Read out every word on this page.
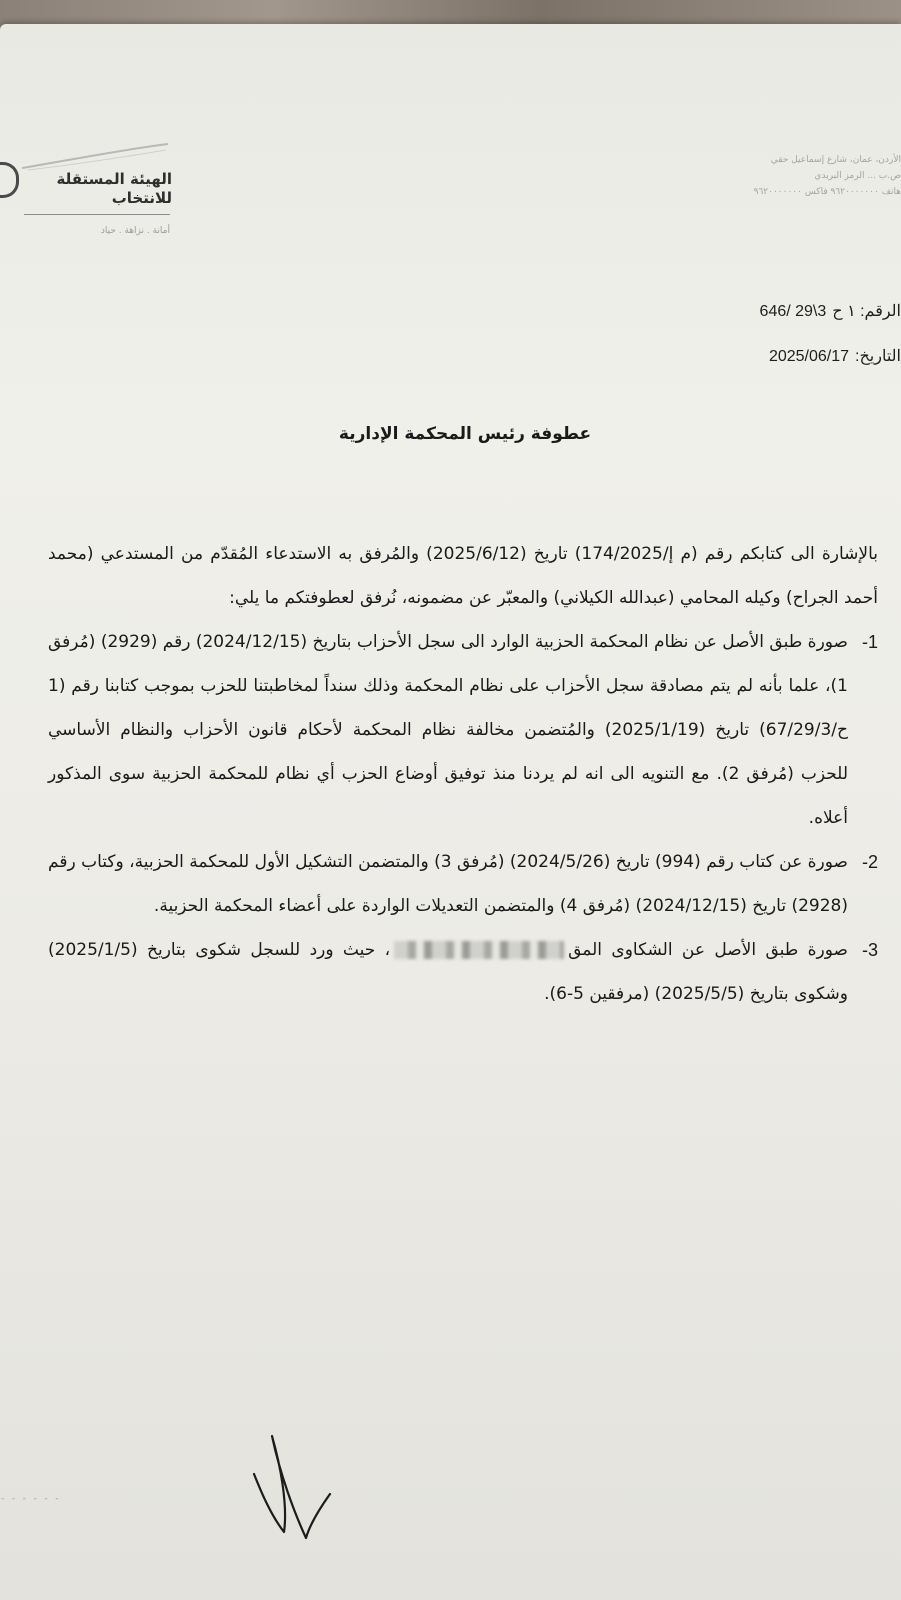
الهيئة المستقلة
للانتخاب
أمانة . نزاهة . حياد
الأردن، عمان، شارع إسماعيل حقي
ص.ب ... الرمز البريدي
هاتف ٩٦٢٠٠٠٠٠٠٠ فاكس ٩٦٢٠٠٠٠٠٠٠
الرقم: ١ ح646/ 29\3
التاريخ:2025/06/17
عطوفة رئيس المحكمة الإدارية

بالإشارة الى كتابكم رقم (م إ/174/2025) تاريخ (2025/6/12) والمُرفق به الاستدعاء المُقدّم من المستدعي (محمد أحمد الجراح) وكيله المحامي (عبدالله الكيلاني) والمعبّر عن مضمونه، نُرفق لعطوفتكم ما يلي:

1-
صورة طبق الأصل عن نظام المحكمة الحزبية الوارد الى سجل الأحزاب بتاريخ (2024/12/15) رقم (2929) (مُرفق 1)، علما بأنه لم يتم مصادقة سجل الأحزاب على نظام المحكمة وذلك سنداً لمخاطبتنا للحزب بموجب كتابنا رقم (1 ح/67/29/3) تاريخ (2025/1/19) والمُتضمن مخالفة نظام المحكمة لأحكام قانون الأحزاب والنظام الأساسي للحزب (مُرفق 2). مع التنويه الى انه لم يردنا منذ توفيق أوضاع الحزب أي نظام للمحكمة الحزبية سوى المذكور أعلاه.
2-
صورة عن كتاب رقم (994) تاريخ (2024/5/26) (مُرفق 3) والمتضمن التشكيل الأول للمحكمة الحزبية، وكتاب رقم (2928) تاريخ (2024/12/15) (مُرفق 4) والمتضمن التعديلات الواردة على أعضاء المحكمة الحزبية.
3-
صورة طبق الأصل عن الشكاوى المق، حيث ورد للسجل شكوى بتاريخ (2025/1/5) وشكوى بتاريخ (2025/5/5) (مرفقين 5-6).
- - - - - -
